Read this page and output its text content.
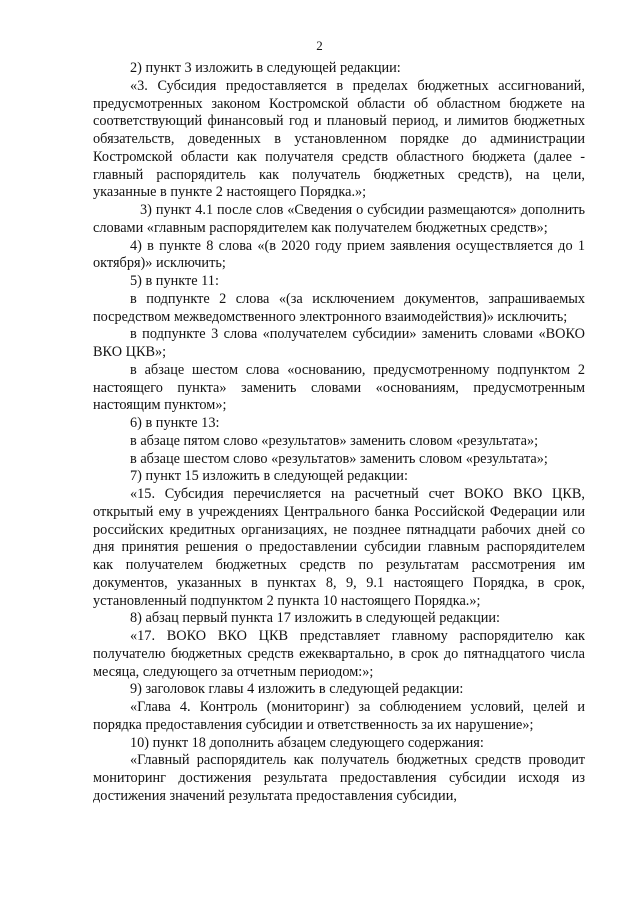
2

2) пункт 3 изложить в следующей редакции:

«3. Субсидия предоставляется в пределах бюджетных ассигнований, предусмотренных законом Костромской области об областном бюджете на соответствующий финансовый год и плановый период, и лимитов бюджетных обязательств, доведенных в установленном порядке до администрации Костромской области как получателя средств областного бюджета (далее - главный распорядитель как получатель бюджетных средств), на цели, указанные в пункте 2 настоящего Порядка.»;

3) пункт 4.1 после слов «Сведения о субсидии размещаются» дополнить словами «главным распорядителем как получателем бюджетных средств»;

4) в пункте 8 слова «(в 2020 году прием заявления осуществляется до 1 октября)» исключить;

5) в пункте 11:

в подпункте 2 слова «(за исключением документов, запрашиваемых посредством межведомственного электронного взаимодействия)» исключить;

в подпункте 3 слова «получателем субсидии» заменить словами «ВОКО ВКО ЦКВ»;

в абзаце шестом слова «основанию, предусмотренному подпунктом 2 настоящего пункта» заменить словами «основаниям, предусмотренным настоящим пунктом»;

6) в пункте 13:

в абзаце пятом слово «результатов» заменить словом «результата»;

в абзаце шестом слово «результатов» заменить словом «результата»;

7) пункт 15 изложить в следующей редакции:

«15. Субсидия перечисляется на расчетный счет ВОКО ВКО ЦКВ, открытый ему в учреждениях Центрального банка Российской Федерации или российских кредитных организациях, не позднее пятнадцати рабочих дней со дня принятия решения о предоставлении субсидии главным распорядителем как получателем бюджетных средств по результатам рассмотрения им документов, указанных в пунктах 8, 9, 9.1 настоящего Порядка, в срок, установленный подпунктом 2 пункта 10 настоящего Порядка.»;

8) абзац первый пункта 17 изложить в следующей редакции:

«17. ВОКО ВКО ЦКВ представляет главному распорядителю как получателю бюджетных средств ежеквартально, в срок до пятнадцатого числа месяца, следующего за отчетным периодом:»;

9) заголовок главы 4 изложить в следующей редакции:

«Глава 4. Контроль (мониторинг) за соблюдением условий, целей и порядка предоставления субсидии и ответственность за их нарушение»;

10) пункт 18 дополнить абзацем следующего содержания:

«Главный распорядитель как получатель бюджетных средств проводит мониторинг достижения результата предоставления субсидии исходя из достижения значений результата предоставления субсидии,
